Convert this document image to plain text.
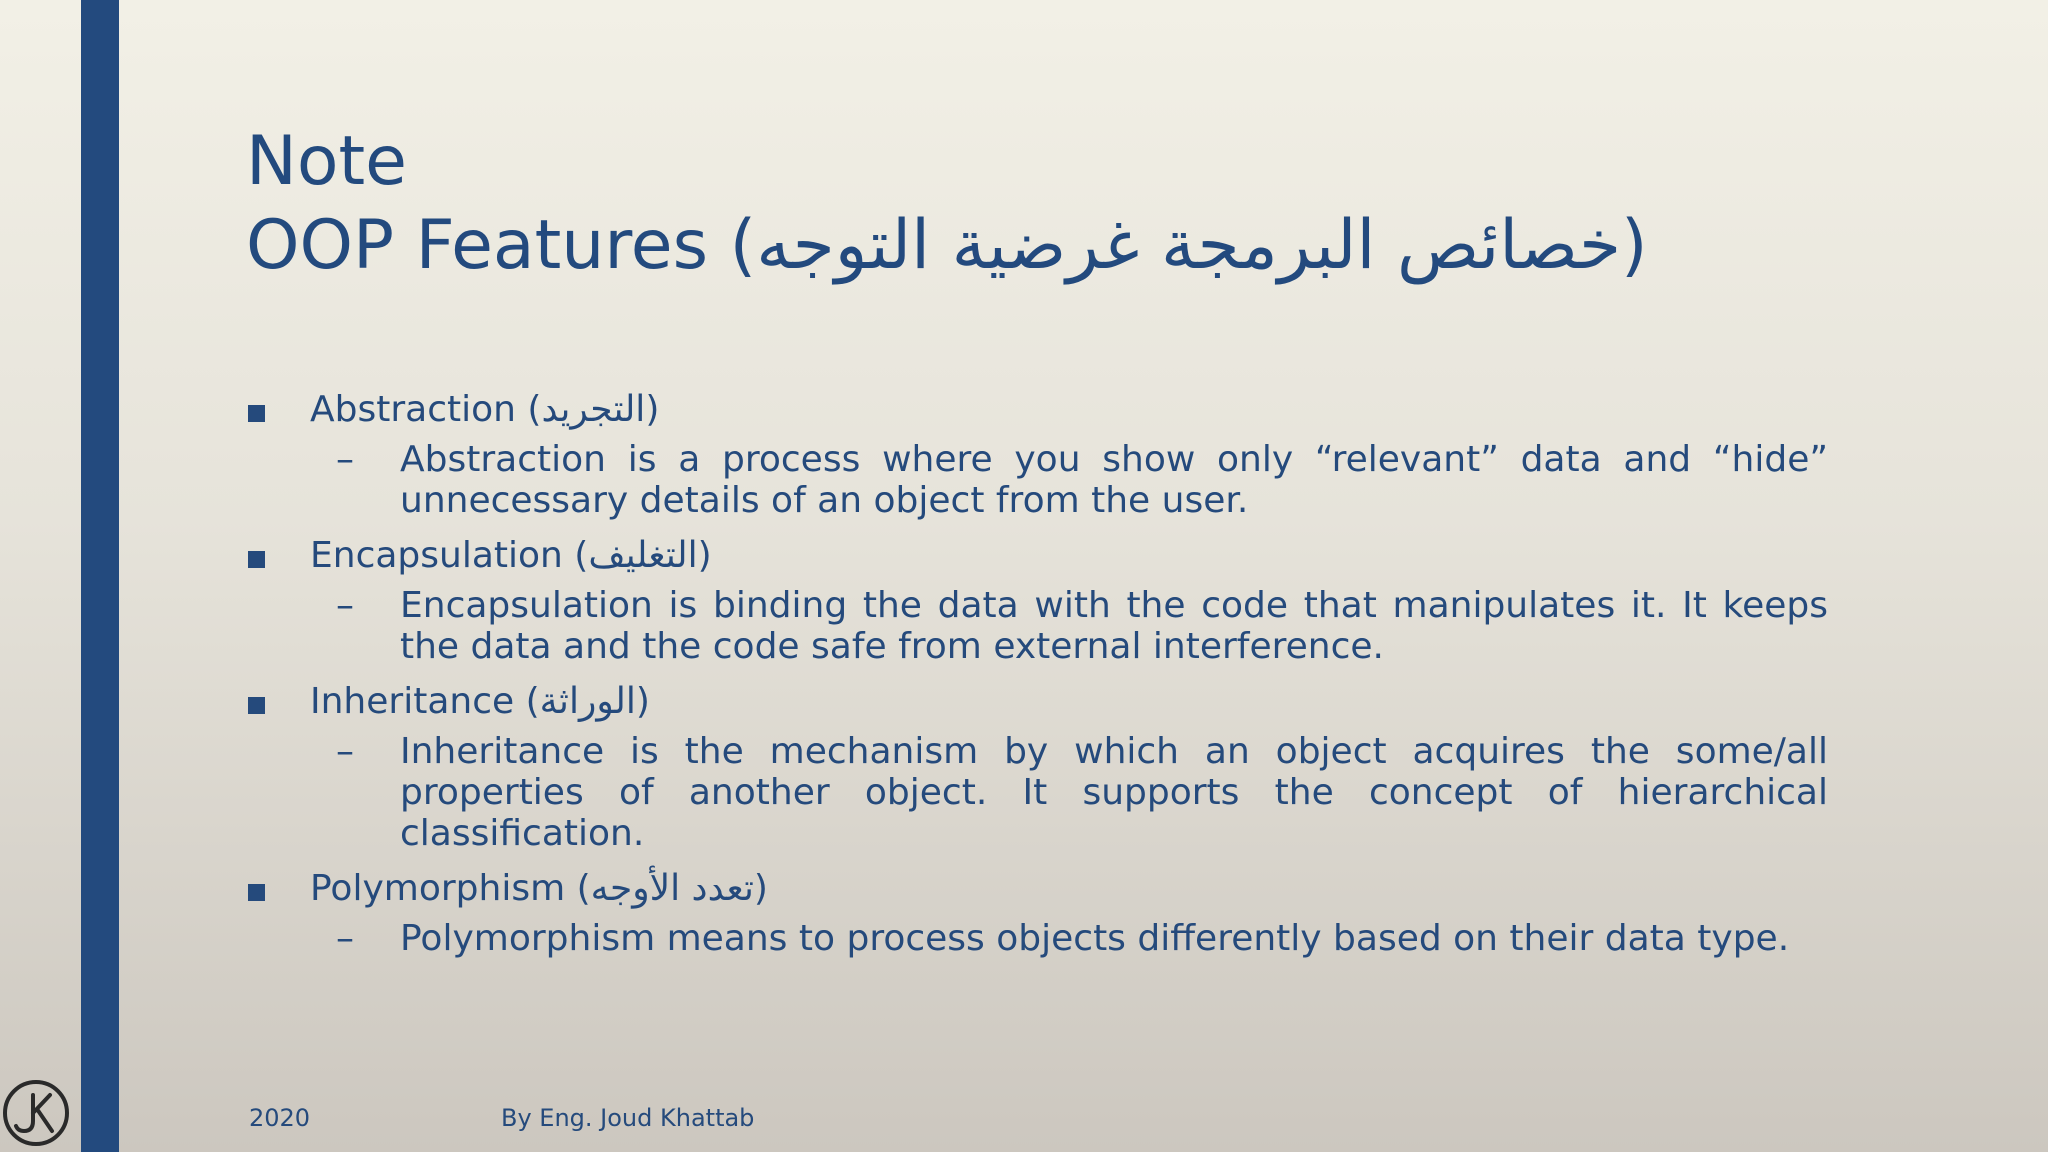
Note
OOP Features (خصائص البرمجة غرضية التوجه)
Abstraction (التجريد)
–	Abstraction is a process where you show only “relevant” data and “hide” unnecessary details of an object from the user.
Encapsulation (التغليف)
–	Encapsulation is binding the data with the code that manipulates it. It keeps the data and the code safe from external interference.
Inheritance (الوراثة)
–	Inheritance is the mechanism by which an object acquires the some/all properties of another object. It supports the concept of hierarchical classification.
Polymorphism (تعدد الأوجه)
–	Polymorphism means to process objects differently based on their data type.
2020	By Eng. Joud Khattab
